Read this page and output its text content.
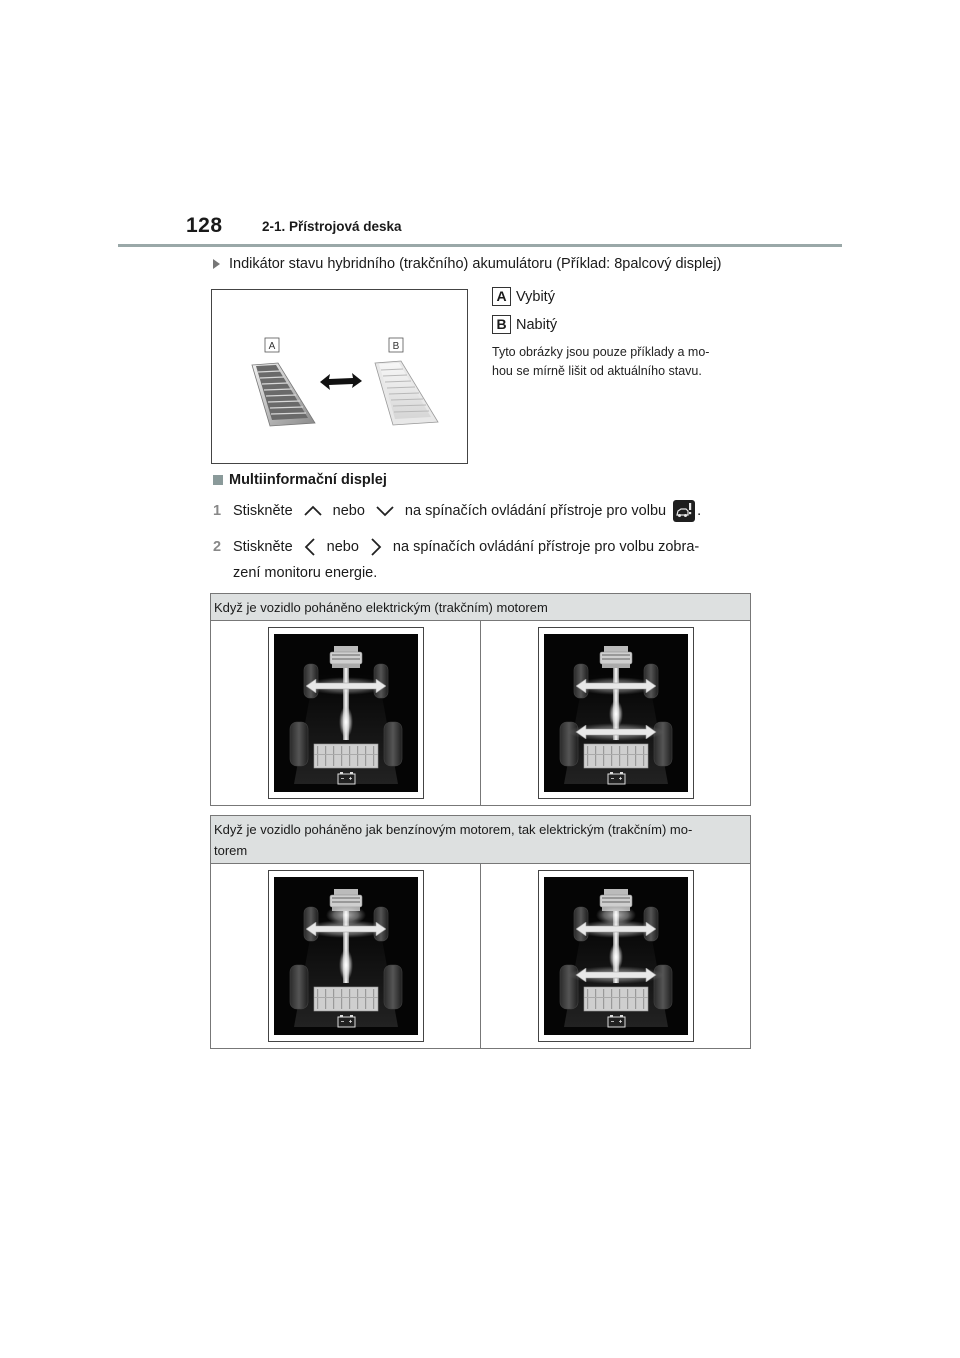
128	2-1. Přístrojová deska
Indikátor stavu hybridního (trakčního) akumulátoru (Příklad: 8palcový displej)
A	B
A Vybitý
B Nabitý
Tyto obrázky jsou pouze příklady a mo-
hou se mírně lišit od aktuálního stavu.
Multiinformační displej
1 Stiskněte	nebo	na spínačích ovládání přístroje pro volbu .
2 Stiskněte nebo na spínačích ovládání přístroje pro volbu zobra-
zení monitoru energie.
Když je vozidlo poháněno elektrickým (trakčním) motorem
Když je vozidlo poháněno jak benzínovým motorem, tak elektrickým (trakčním) mo-
torem
